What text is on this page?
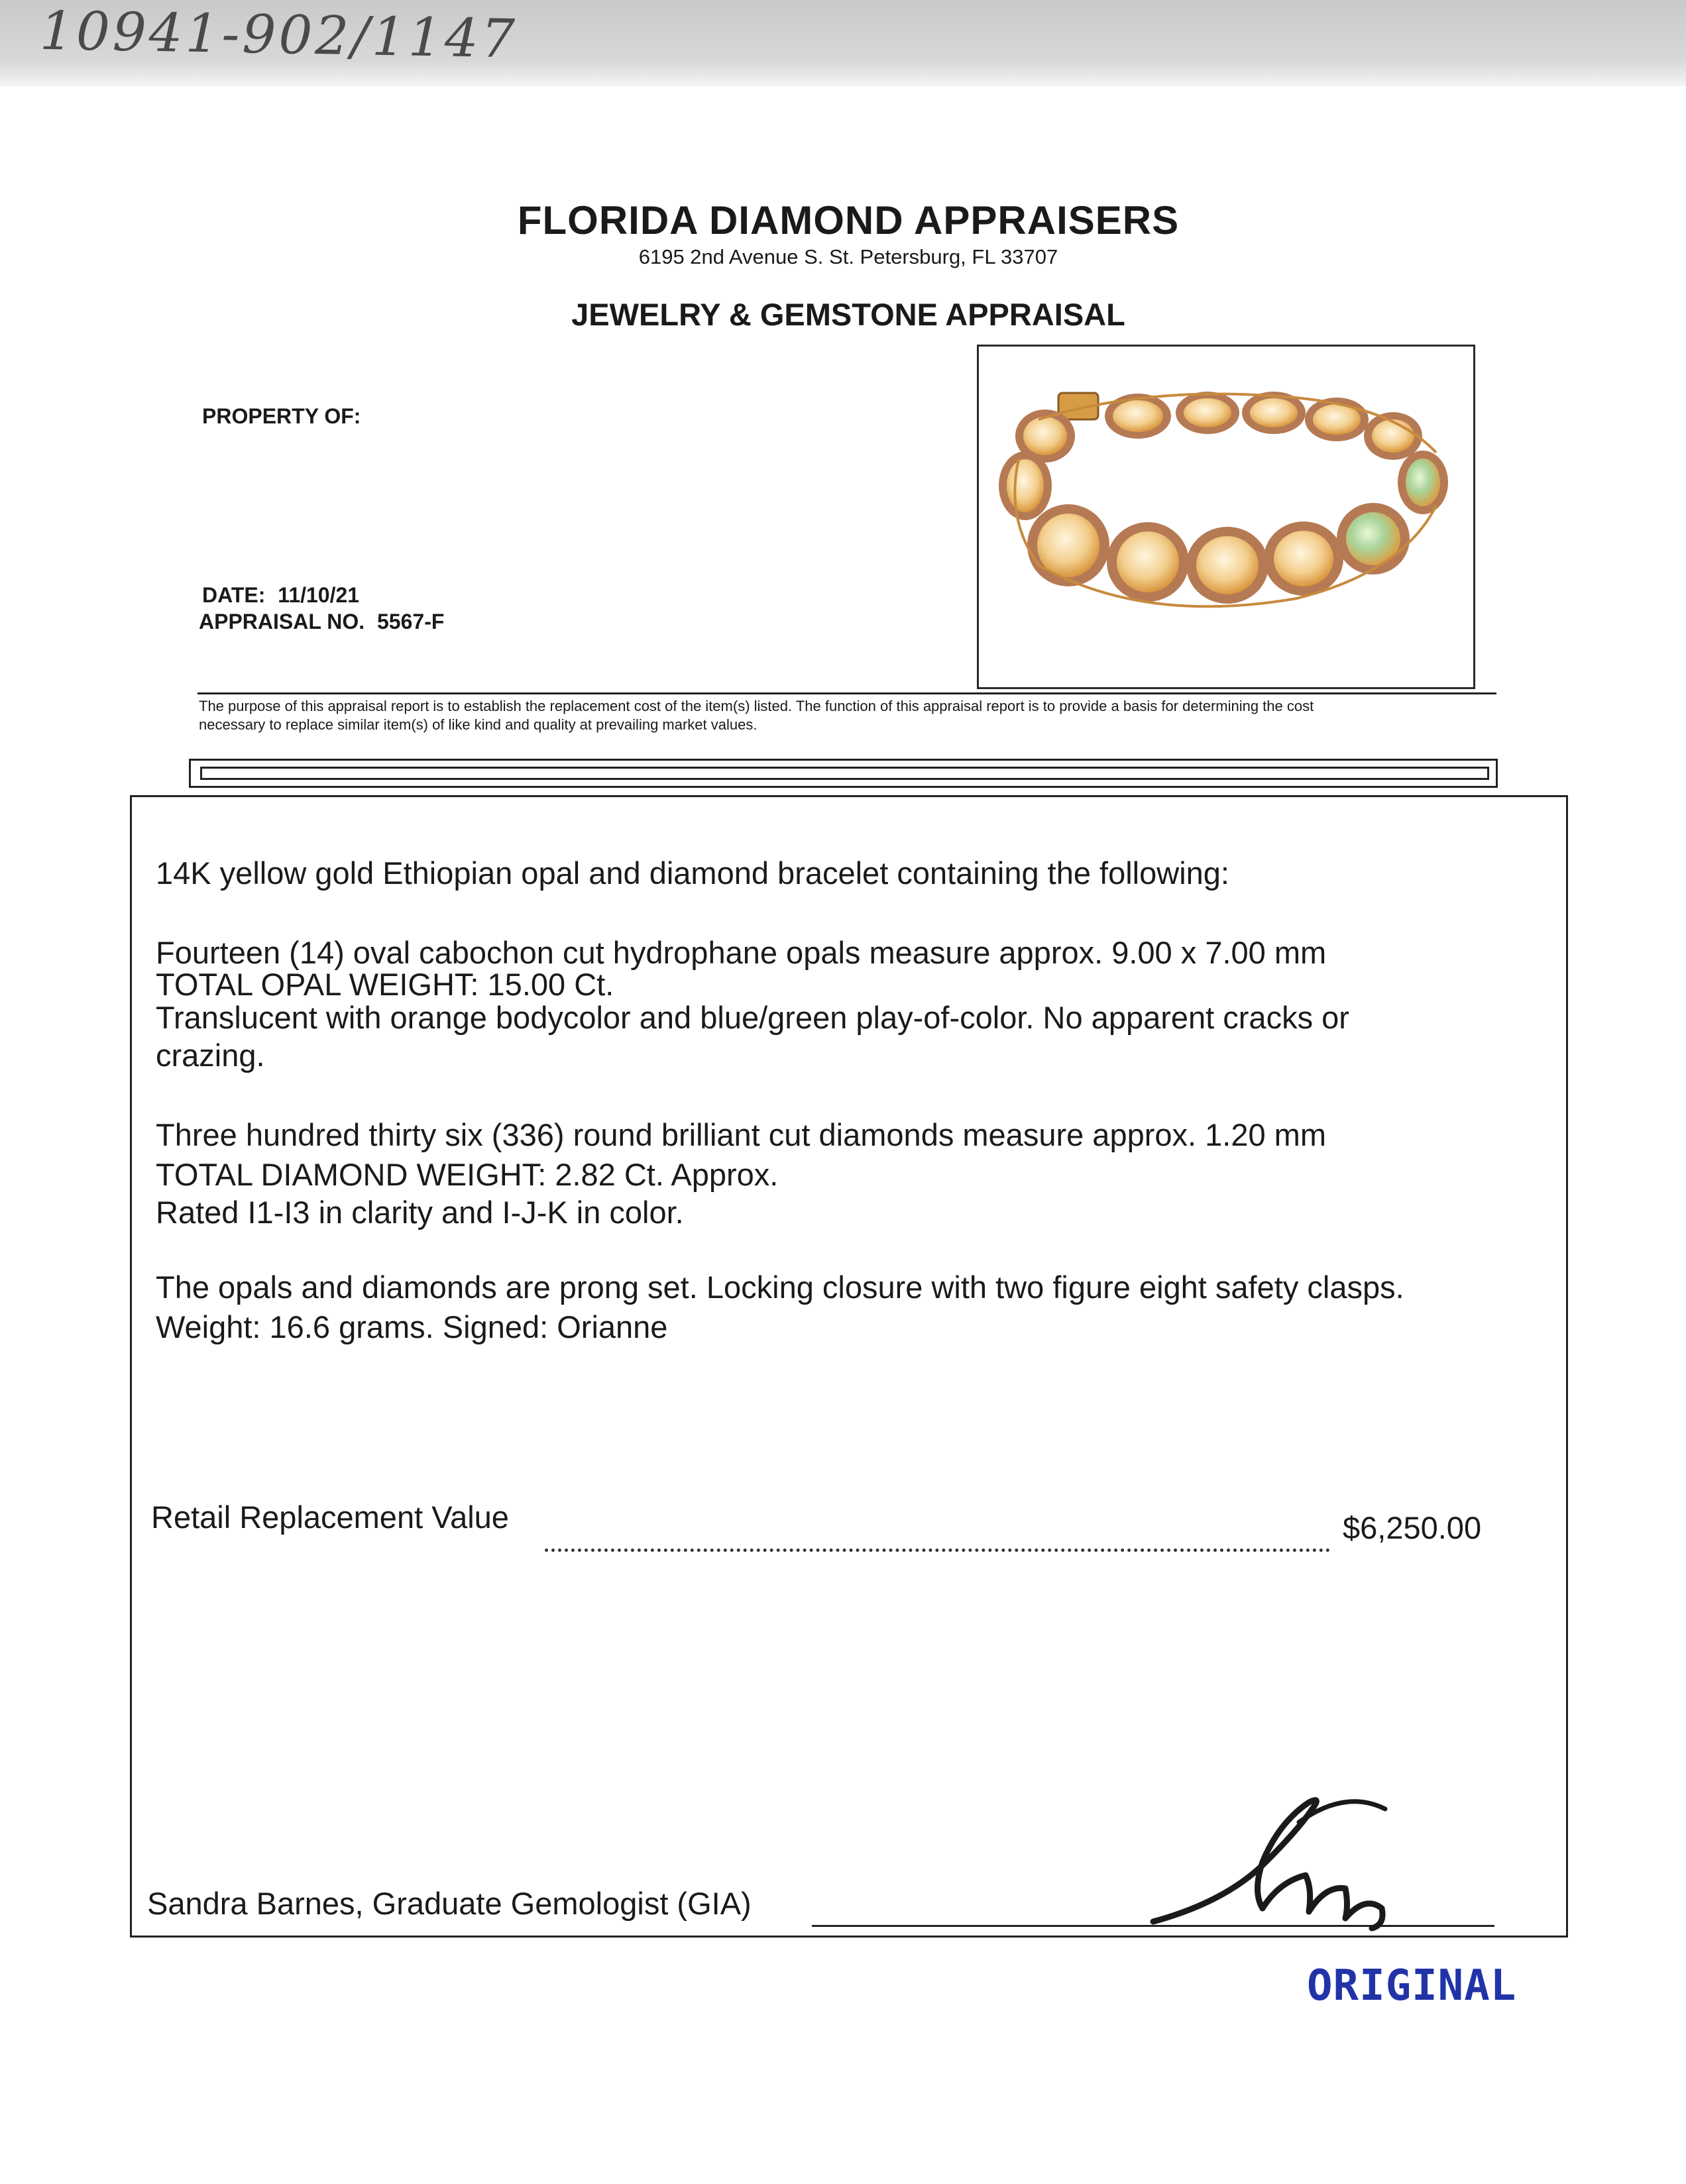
10941-902/1147
FLORIDA DIAMOND APPRAISERS
6195 2nd Avenue S. St. Petersburg, FL 33707
JEWELRY & GEMSTONE APPRAISAL
PROPERTY OF:
DATE: 11/10/21
APPRAISAL NO. 5567-F
The purpose of this appraisal report is to establish the replacement cost of the item(s) listed. The function of this appraisal report is to provide a basis for determining the cost
necessary to replace similar item(s) of like kind and quality at prevailing market values.
14K yellow gold Ethiopian opal and diamond bracelet containing the following:
Fourteen (14) oval cabochon cut hydrophane opals measure approx. 9.00 x 7.00 mm
TOTAL OPAL WEIGHT: 15.00 Ct.
Translucent with orange bodycolor and blue/green play-of-color. No apparent cracks or
crazing.
Three hundred thirty six (336) round brilliant cut diamonds measure approx. 1.20 mm
TOTAL DIAMOND WEIGHT: 2.82 Ct. Approx.
Rated I1-I3 in clarity and I-J-K in color.
The opals and diamonds are prong set. Locking closure with two figure eight safety clasps.
Weight: 16.6 grams. Signed: Orianne
Retail Replacement Value	$6,250.00
Sandra Barnes, Graduate Gemologist (GIA)
ORIGINAL
